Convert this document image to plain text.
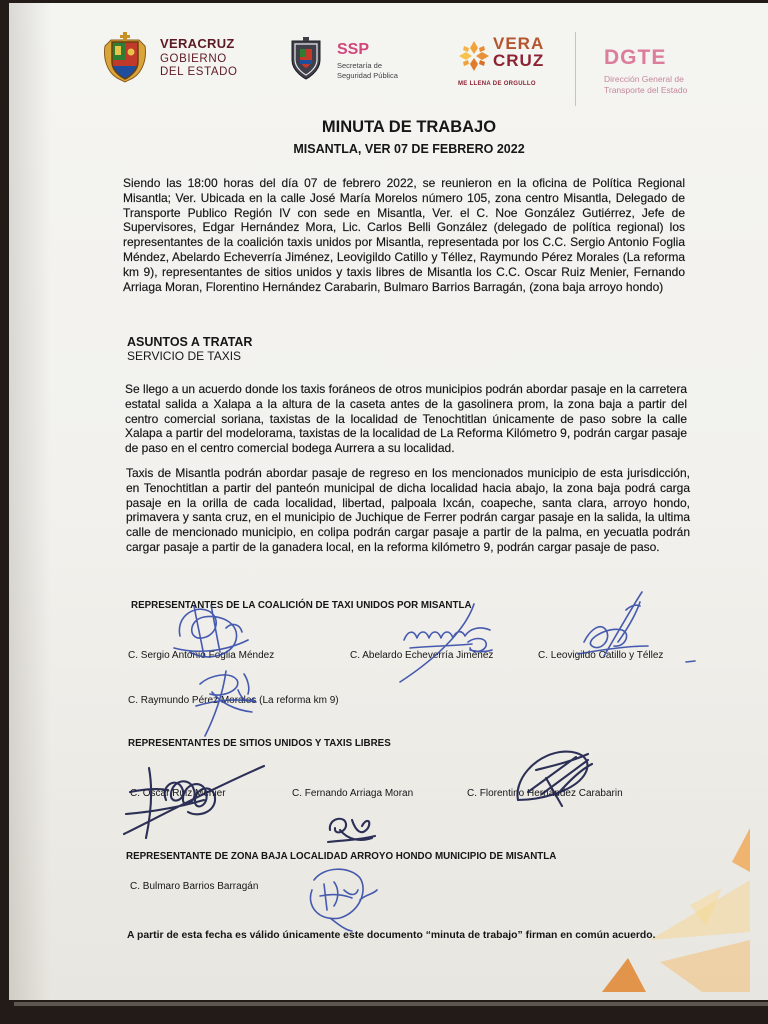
VERACRUZ
GOBIERNO
DEL ESTADO
SSP
Secretaría de
Seguridad Pública
VERA
CRUZ
ME LLENA DE ORGULLO
DGTE
Dirección General de
Transporte del Estado
MINUTA DE TRABAJO
MISANTLA, VER 07 DE FEBRERO 2022
Siendo las 18:00 horas del día 07 de febrero 2022, se reunieron en la oficina de Política Regional Misantla; Ver. Ubicada en la calle José María Morelos número 105, zona centro Misantla, Delegado de Transporte Publico Región IV con sede en Misantla, Ver. el C. Noe González Gutiérrez, Jefe de Supervisores, Edgar Hernández Mora, Lic. Carlos Belli González (delegado de política regional) los representantes de la coalición taxis unidos por Misantla, representada por los C.C. Sergio Antonio Foglia Méndez, Abelardo Echeverría Jiménez, Leovigildo Catillo y Téllez, Raymundo Pérez Morales (La reforma km 9), representantes de sitios unidos y taxis libres de Misantla los C.C. Oscar Ruiz Menier, Fernando Arriaga Moran, Florentino Hernández Carabarin, Bulmaro Barrios Barragán, (zona baja arroyo hondo)
ASUNTOS A TRATAR
SERVICIO DE TAXIS
Se llego a un acuerdo donde los taxis foráneos de otros municipios podrán abordar pasaje en la carretera estatal salida a Xalapa a la altura de la caseta antes de la gasolinera prom, la zona baja a partir del centro comercial soriana, taxistas de la localidad de Tenochtitlan únicamente de paso sobre la calle Xalapa a partir del modelorama, taxistas de la localidad de La Reforma Kilómetro 9, podrán cargar pasaje de paso en el centro comercial bodega Aurrera a su localidad.
Taxis de Misantla podrán abordar pasaje de regreso en los mencionados municipio de esta jurisdicción, en Tenochtitlan a partir del panteón municipal de dicha localidad hacia abajo, la zona baja podrá carga pasaje en la orilla de cada localidad, libertad, palpoala Ixcán, coapeche, santa clara, arroyo hondo, primavera y santa cruz, en el municipio de Juchique de Ferrer podrán cargar pasaje en la salida, la ultima calle de mencionado municipio, en colipa podrán cargar pasaje a partir de la palma, en yecuatla podrán cargar pasaje a partir de la ganadera local, en la reforma kilómetro 9, podrán cargar pasaje de paso.
REPRESENTANTES DE LA COALICIÓN DE TAXI UNIDOS POR MISANTLA
C. Sergio Antonio Foglia Méndez	C. Abelardo Echeverría Jiménez	C. Leovigildo Catillo y Téllez
C. Raymundo Pérez Morales (La reforma km 9)
REPRESENTANTES DE SITIOS UNIDOS Y TAXIS LIBRES
C. Oscar Ruiz Menier	C. Fernando Arriaga Moran	C. Florentino Hernández Carabarin
REPRESENTANTE DE ZONA BAJA LOCALIDAD ARROYO HONDO MUNICIPIO DE MISANTLA
C. Bulmaro Barrios Barragán
A partir de esta fecha es válido únicamente este documento “minuta de trabajo” firman en común acuerdo.
